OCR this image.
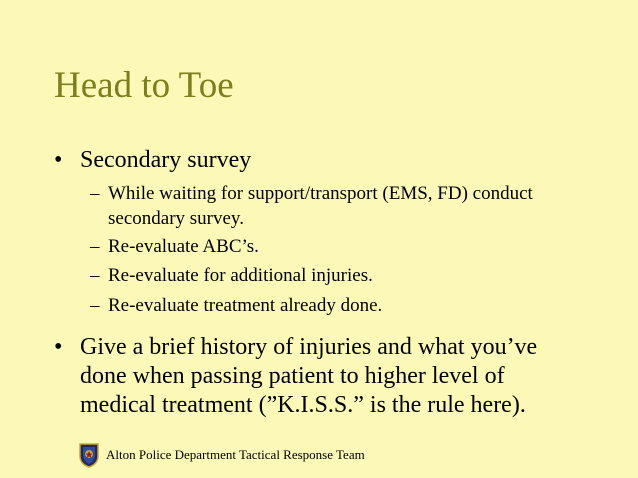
Head to Toe
• Secondary survey
– While waiting for support/transport (EMS, FD) conduct
secondary survey.
– Re-evaluate ABC’s.
– Re-evaluate for additional injuries.
– Re-evaluate treatment already done.
• Give a brief history of injuries and what you’ve
done when passing patient to higher level of
medical treatment (”K.I.S.S.” is the rule here).
Alton Police Department Tactical Response Team
